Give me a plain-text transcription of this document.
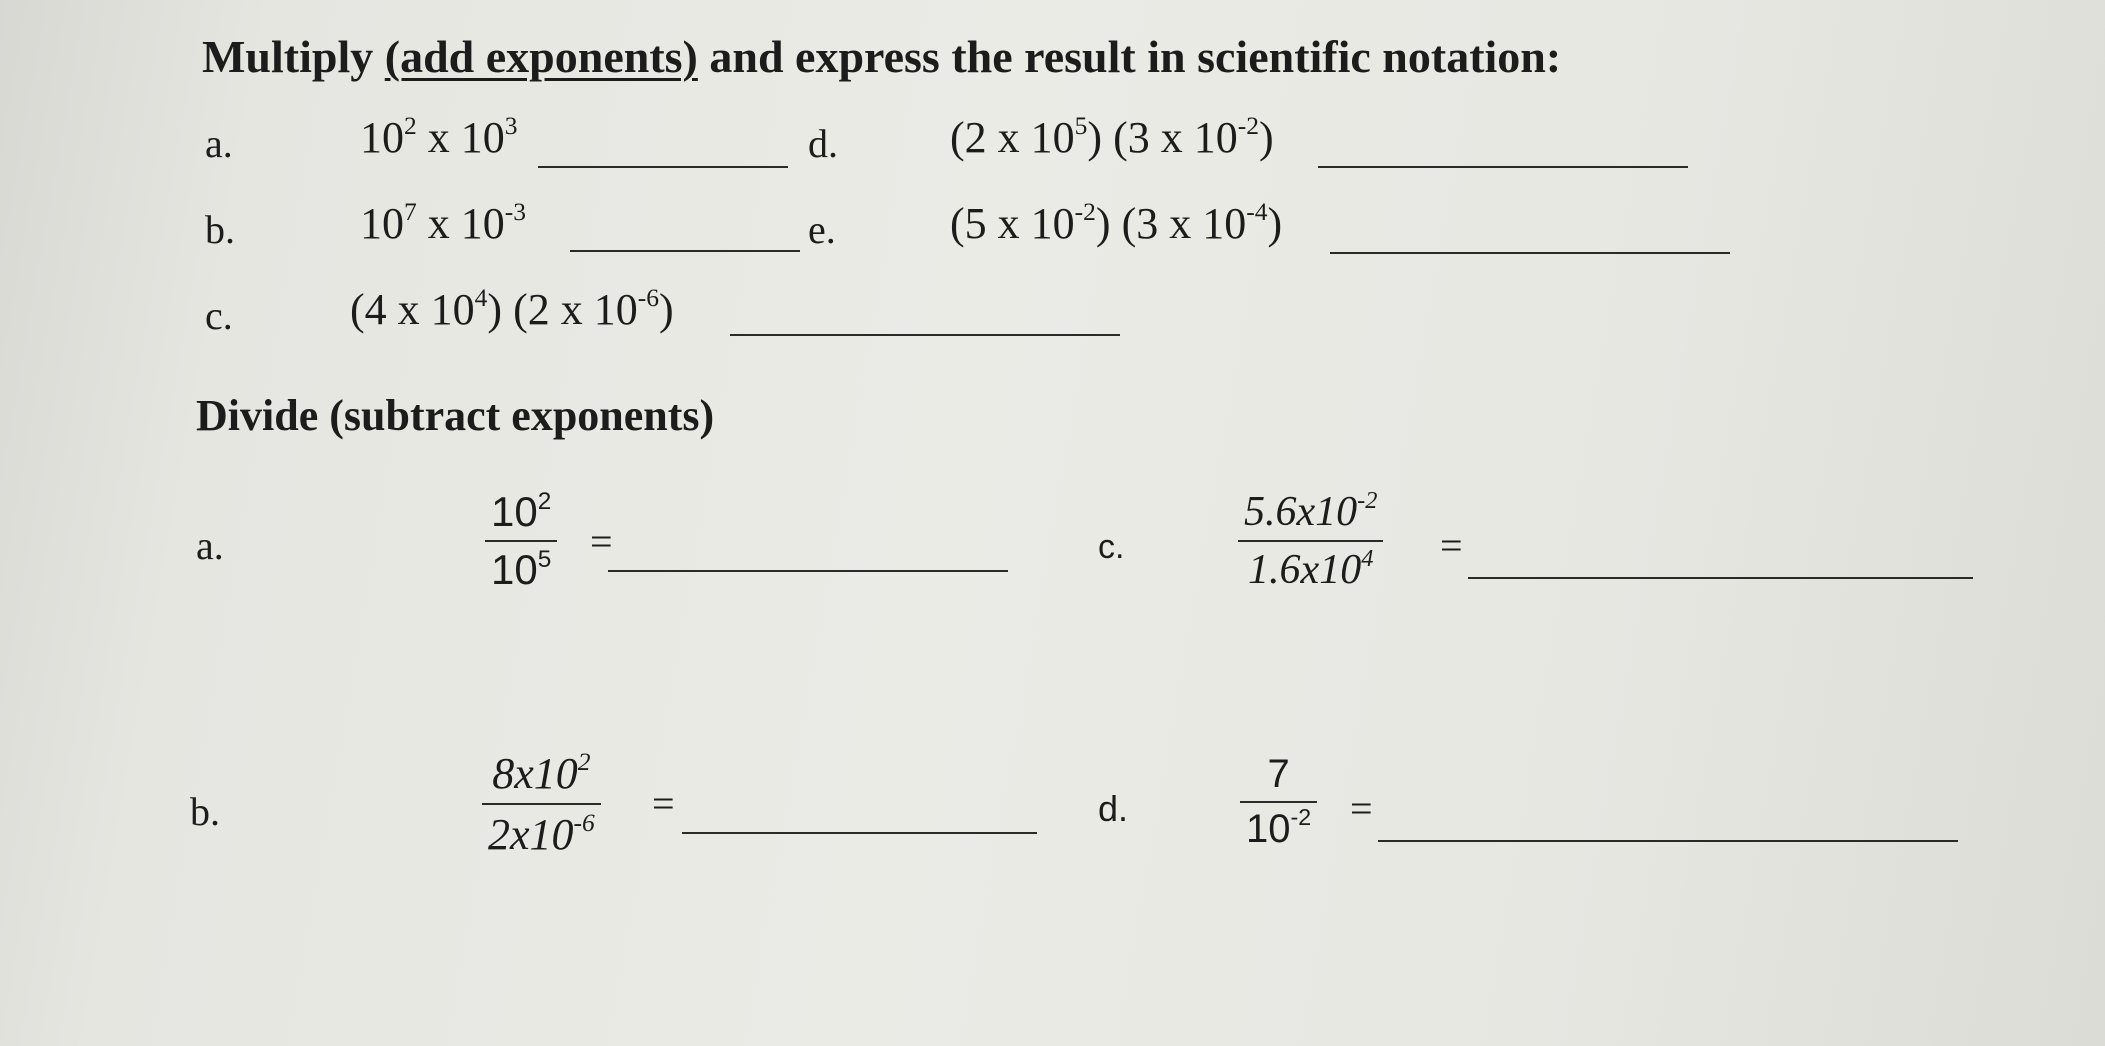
Multiply (add exponents) and express the result in scientific notation:
a.	$10^2$ x $10^3$
b.	$10^7$ x $10^{-3}$
c.	(4 x $10^4$) (2 x $10^{-6}$)
d.	(2 x $10^5$) (3 x $10^{-2}$)
e.	(5 x $10^{-2}$) (3 x $10^{-4}$)
Divide (subtract exponents)
a.
$10^2$
$10^5$ =
b.
$8x10^2$
$2x10^{-6}$ =
c.
$5.6x10^{-2}$
$1.6x10^4$ =
d.
7
$10^{-2}$ =
